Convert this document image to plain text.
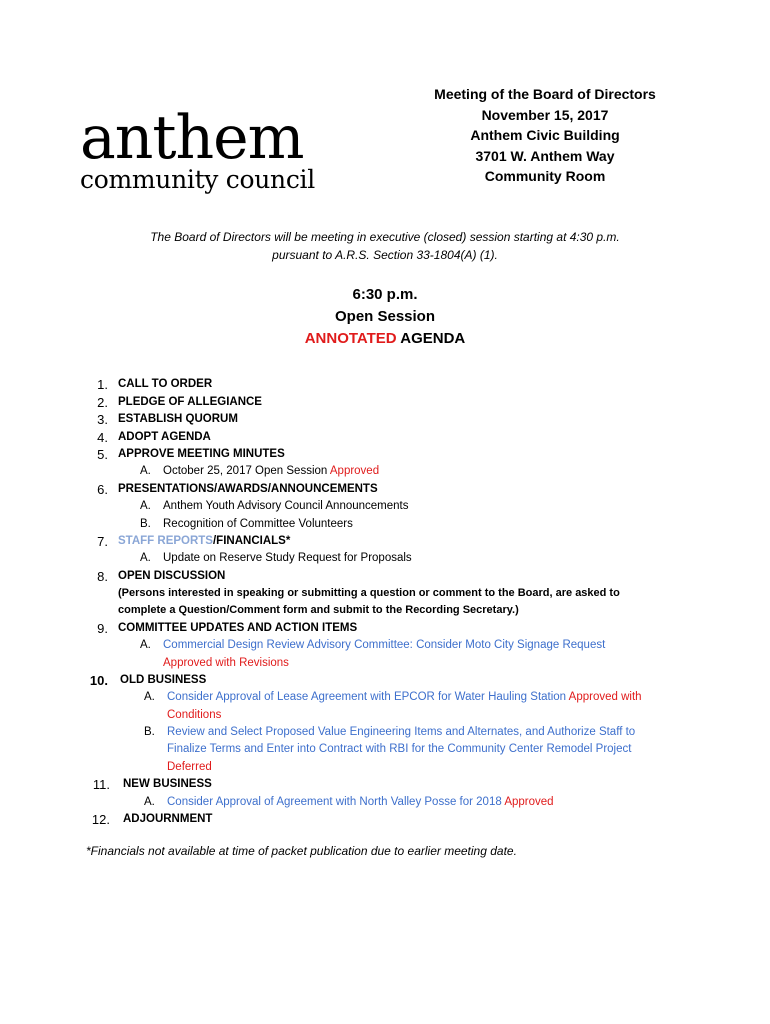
anthem
community council
Meeting of the Board of Directors
November 15, 2017
Anthem Civic Building
3701 W. Anthem Way
Community Room
The Board of Directors will be meeting in executive (closed) session starting at 4:30 p.m.
pursuant to A.R.S. Section 33-1804(A) (1).
6:30 p.m.
Open Session
ANNOTATED AGENDA
1. CALL TO ORDER
2. PLEDGE OF ALLEGIANCE
3. ESTABLISH QUORUM
4. ADOPT AGENDA
5. APPROVE MEETING MINUTES
A. October 25, 2017 Open Session Approved
6. PRESENTATIONS/AWARDS/ANNOUNCEMENTS
A. Anthem Youth Advisory Council Announcements
B. Recognition of Committee Volunteers
7. STAFF REPORTS/FINANCIALS*
A. Update on Reserve Study Request for Proposals
8. OPEN DISCUSSION
(Persons interested in speaking or submitting a question or comment to the Board, are asked to
complete a Question/Comment form and submit to the Recording Secretary.)
9. COMMITTEE UPDATES AND ACTION ITEMS
A. Commercial Design Review Advisory Committee: Consider Moto City Signage Request
Approved with Revisions
10. OLD BUSINESS
A. Consider Approval of Lease Agreement with EPCOR for Water Hauling Station Approved with
Conditions
B. Review and Select Proposed Value Engineering Items and Alternates, and Authorize Staff to
Finalize Terms and Enter into Contract with RBI for the Community Center Remodel Project
Deferred
11. NEW BUSINESS
A. Consider Approval of Agreement with North Valley Posse for 2018 Approved
12. ADJOURNMENT
*Financials not available at time of packet publication due to earlier meeting date.
